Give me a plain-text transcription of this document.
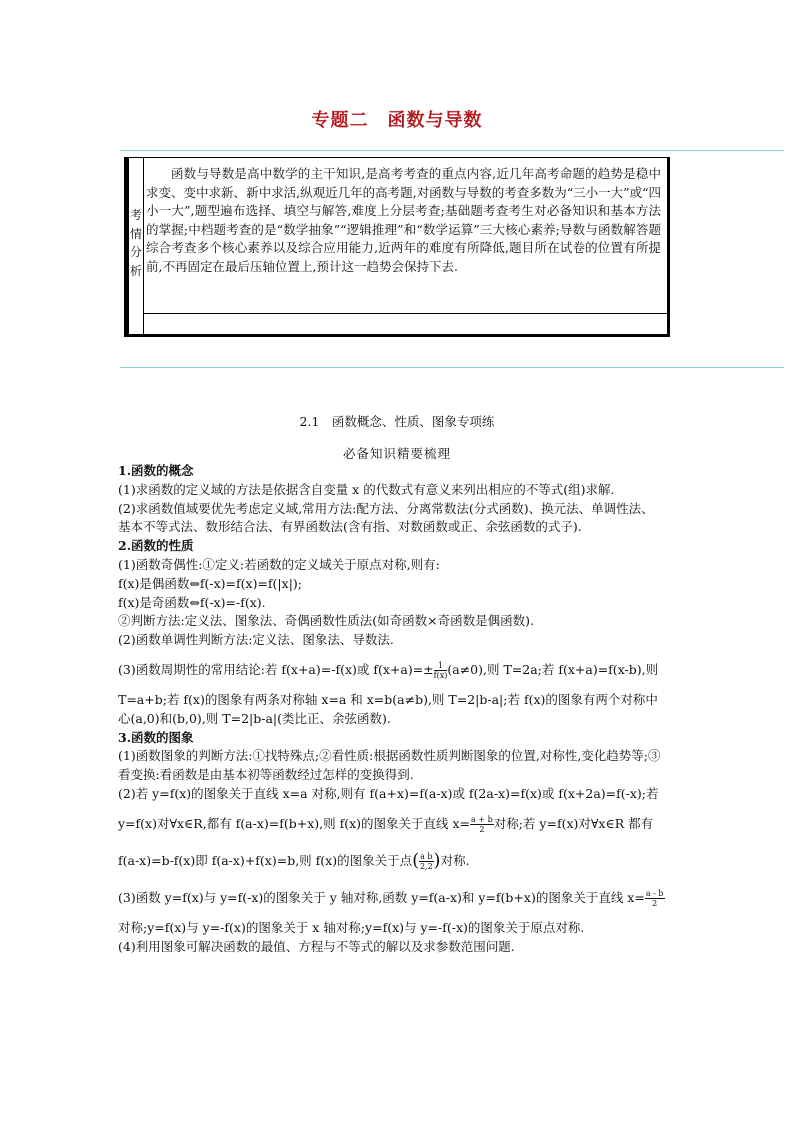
专题二　函数与导数
考
情
分
析
函数与导数是高中数学的主干知识,是高考考查的重点内容,近几年高考命题的趋势是稳中求变、变中求新、新中求活,纵观近几年的高考题,对函数与导数的考查多数为“三小一大”或“四小一大”,题型遍布选择、填空与解答,难度上分层考查;基础题考查考生对必备知识和基本方法的掌握;中档题考查的是“数学抽象”“逻辑推理”和“数学运算”三大核心素养;导数与函数解答题综合考查多个核心素养以及综合应用能力,近两年的难度有所降低,题目所在试卷的位置有所提前,不再固定在最后压轴位置上,预计这一趋势会保持下去.
2.1　函数概念、性质、图象专项练
必备知识精要梳理

1.函数的概念

(1)求函数的定义域的方法是依据含自变量 x 的代数式有意义来列出相应的不等式(组)求解.

(2)求函数值域要优先考虑定义域,常用方法:配方法、分离常数法(分式函数)、换元法、单调性法、基本不等式法、数形结合法、有界函数法(含有指、对数函数或正、余弦函数的式子).

2.函数的性质

(1)函数奇偶性:①定义:若函数的定义域关于原点对称,则有:

f(x)是偶函数⇔f(-x)=f(x)=f(|x|);

f(x)是奇函数⇔f(-x)=-f(x).

②判断方法:定义法、图象法、奇偶函数性质法(如奇函数×奇函数是偶函数).

(2)函数单调性判断方法:定义法、图象法、导数法.

(3)函数周期性的常用结论:若 f(x+a)=-f(x)或 $f(x+a)=\pm \frac{1}{f(x)} (a\ne 0)$,则 T=2a;若 f(x+a)=f(x-b),则

T=a+b;若 f(x)的图象有两条对称轴 x=a 和 x=b(a≠b),则 T=2|b-a|;若 f(x)的图象有两个对称中心(a,0)和(b,0),则 T=2|b-a|(类比正、余弦函数).

3.函数的图象

(1)函数图象的判断方法:①找特殊点;②看性质:根据函数性质判断图象的位置,对称性,变化趋势等;③看变换:看函数是由基本初等函数经过怎样的变换得到.

(2)若 y=f(x)的图象关于直线 x=a 对称,则有 f(a+x)=f(a-x)或 f(2a-x)=f(x)或 f(x+2a)=f(-x);若

y=f(x)对∀x∈R,都有 f(a-x)=f(b+x),则 f(x)的图象关于直线 $x= \frac{a + b}{2}$ 对称;若 y=f(x)对∀x∈R 都有

f(a-x)=b-f(x)即 f(a-x)+f(x)=b,则 f(x)的图象关于点( $\frac{\text{a b}}{2,2}$ )对称.

(3)函数 y=f(x)与 y=f(-x)的图象关于 y 轴对称,函数 y=f(a-x)和 y=f(b+x)的图象关于直线 $x= \frac{a - b}{2}$

对称;y=f(x)与 y=-f(x)的图象关于 x 轴对称;y=f(x)与 y=-f(-x)的图象关于原点对称.

(4)利用图象可解决函数的最值、方程与不等式的解以及求参数范围问题.
